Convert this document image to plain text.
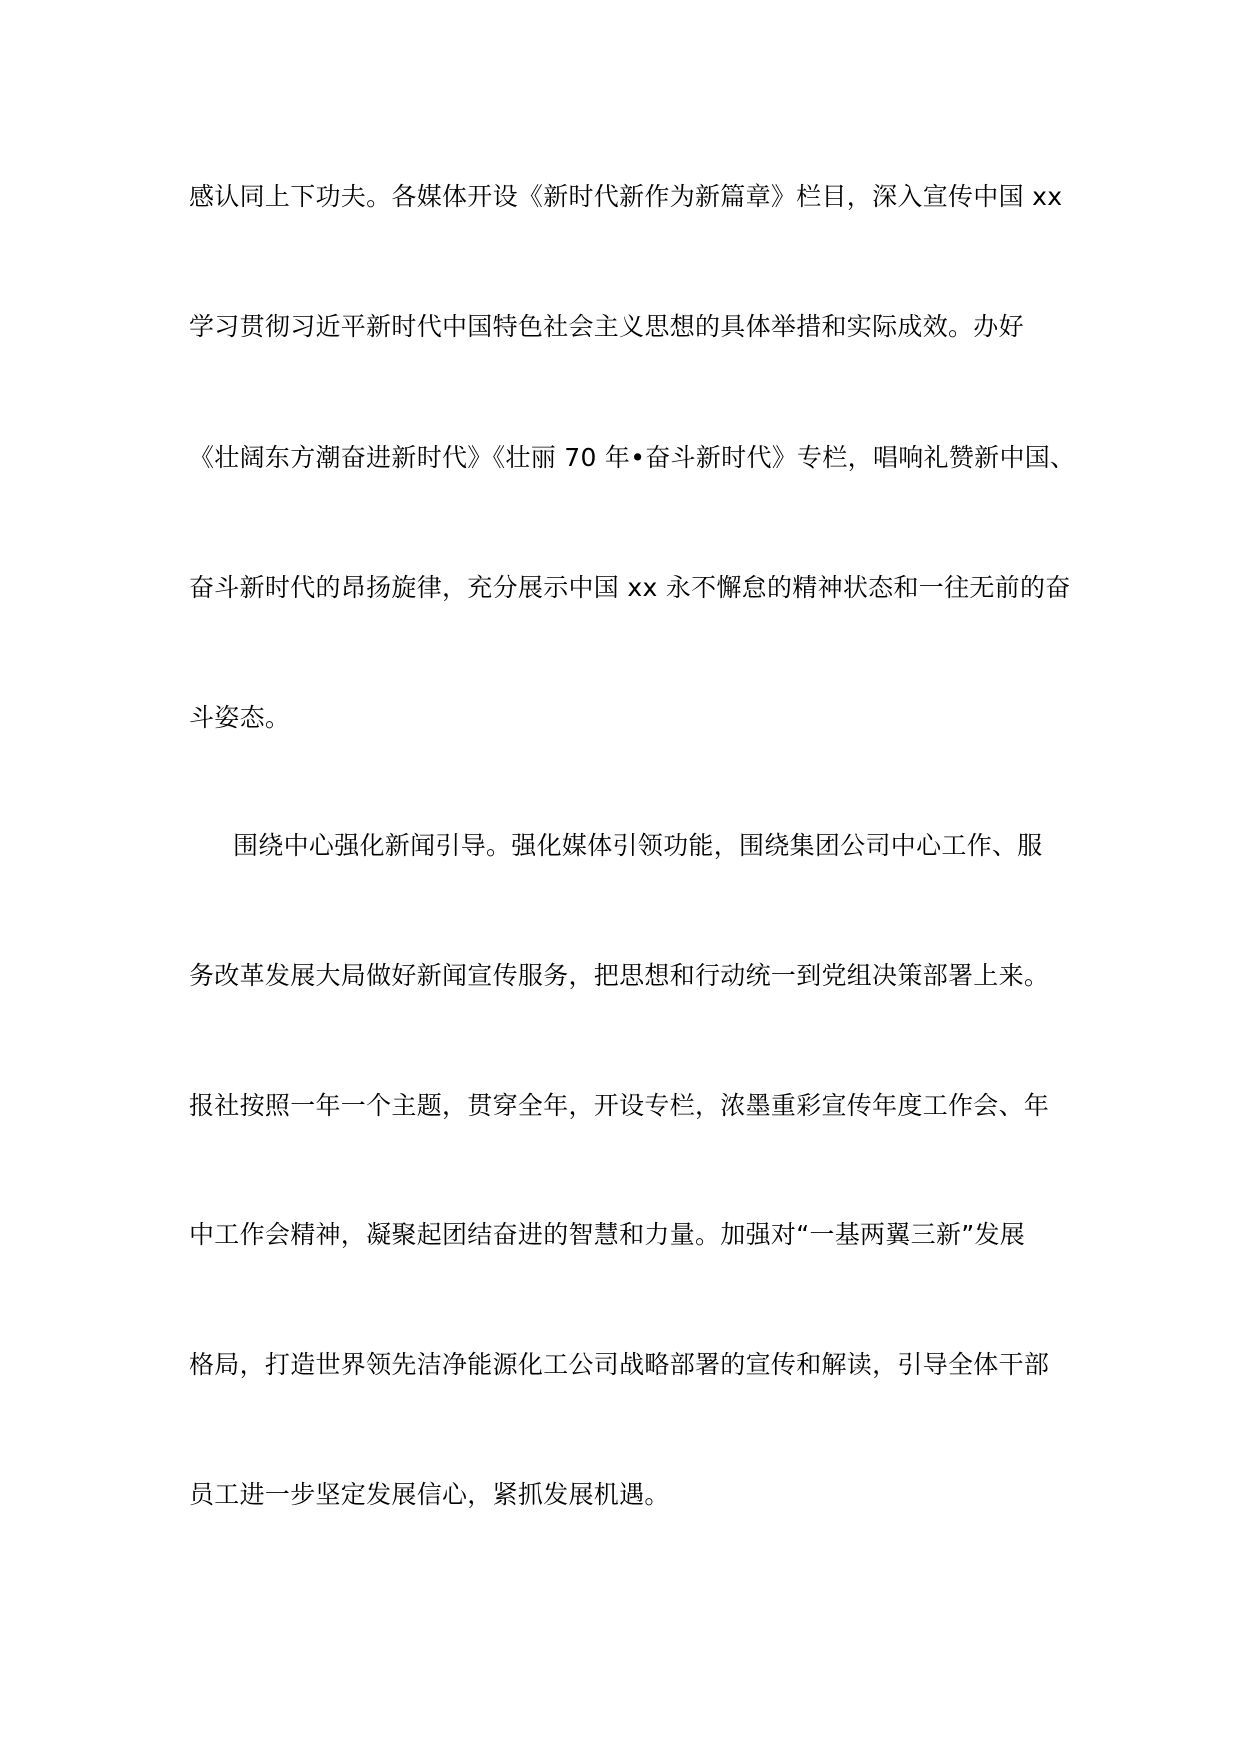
感认同上下功夫。各媒体开设《新时代新作为新篇章》栏目，深入宣传中国 xx
学习贯彻习近平新时代中国特色社会主义思想的具体举措和实际成效。办好
《壮阔东方潮奋进新时代》《壮丽 70 年•奋斗新时代》专栏，唱响礼赞新中国、
奋斗新时代的昂扬旋律，充分展示中国 xx 永不懈怠的精神状态和一往无前的奋
斗姿态。
围绕中心强化新闻引导。强化媒体引领功能，围绕集团公司中心工作、服
务改革发展大局做好新闻宣传服务，把思想和行动统一到党组决策部署上来。
报社按照一年一个主题，贯穿全年，开设专栏，浓墨重彩宣传年度工作会、年
中工作会精神，凝聚起团结奋进的智慧和力量。加强对“一基两翼三新”发展
格局，打造世界领先洁净能源化工公司战略部署的宣传和解读，引导全体干部
员工进一步坚定发展信心，紧抓发展机遇。
